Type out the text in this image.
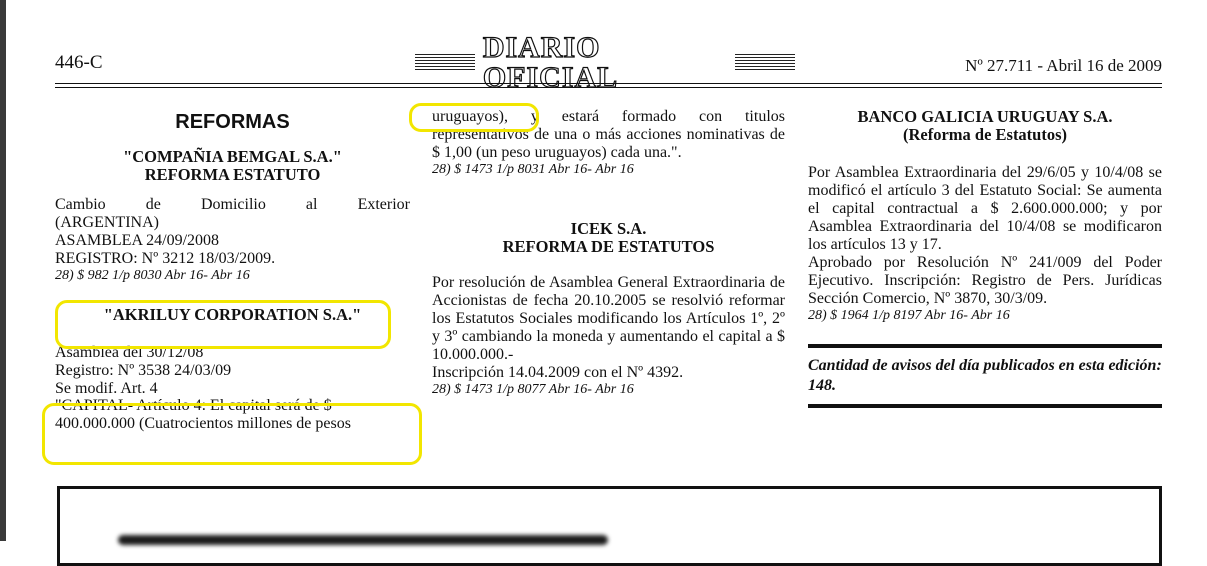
446-C	DIARIO OFICIAL	Nº 27.711 - Abril 16 de 2009
REFORMAS
"COMPAÑIA BEMGAL S.A."
REFORMA ESTATUTO
Cambio de Domicilio al Exterior
(ARGENTINA)
ASAMBLEA 24/09/2008
REGISTRO: Nº 3212 18/03/2009.
28) $ 982 1/p 8030 Abr 16- Abr 16
"AKRILUY CORPORATION S.A."
Asamblea del 30/12/08
Registro: Nº 3538 24/03/09
Se modif. Art. 4
"CAPITAL- Artículo 4: El capital será de $
400.000.000 (Cuatrocientos millones de pesos
uruguayos), y estará formado con titulos representativos de una o más acciones nominativas de $ 1,00 (un peso uruguayos) cada una.".
28) $ 1473 1/p 8031 Abr 16- Abr 16
ICEK S.A.
REFORMA DE ESTATUTOS
Por resolución de Asamblea General Extraordinaria de Accionistas de fecha 20.10.2005 se resolvió reformar los Estatutos Sociales modificando los Artículos 1º, 2º y 3º cambiando la moneda y aumentando el capital a $ 10.000.000.-
Inscripción 14.04.2009 con el Nº 4392.
28) $ 1473 1/p 8077 Abr 16- Abr 16
BANCO GALICIA URUGUAY S.A.
(Reforma de Estatutos)
Por Asamblea Extraordinaria del 29/6/05 y 10/4/08 se modificó el artículo 3 del Estatuto Social: Se aumenta el capital contractual a $ 2.600.000.000; y por Asamblea Extraordinaria del 10/4/08 se modificaron los artículos 13 y 17.
Aprobado por Resolución Nº 241/009 del Poder Ejecutivo. Inscripción: Registro de Pers. Jurídicas Sección Comercio, Nº 3870, 30/3/09.
28) $ 1964 1/p 8197 Abr 16- Abr 16
Cantidad de avisos del día publicados en esta edición: 148.
